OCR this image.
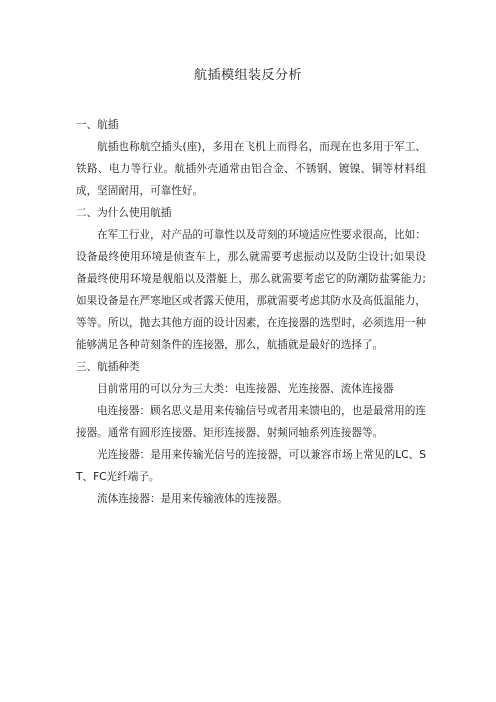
航插模组装反分析

一、航插

航插也称航空插头(座)，多用在飞机上而得名，而现在也多用于军工、铁路、电力等行业。航插外壳通常由铝合金、不锈钢、镀镍、铜等材料组成，坚固耐用，可靠性好。

二、为什么使用航插

在军工行业，对产品的可靠性以及苛刻的环境适应性要求很高，比如：设备最终使用环境是侦查车上，那么就需要考虑振动以及防尘设计;如果设备最终使用环境是舰船以及潜艇上，那么就需要考虑它的防潮防盐雾能力;如果设备是在严寒地区或者露天使用，那就需要考虑其防水及高低温能力，等等。所以，抛去其他方面的设计因素，在连接器的选型时，必须选用一种能够满足各种苛刻条件的连接器，那么，航插就是最好的选择了。

三、航插种类

目前常用的可以分为三大类：电连接器、光连接器、流体连接器

电连接器：顾名思义是用来传输信号或者用来馈电的，也是最常用的连接器。通常有圆形连接器、矩形连接器、射频同轴系列连接器等。

光连接器：是用来传输光信号的连接器，可以兼容市场上常见的LC、ST、FC光纤端子。

流体连接器：是用来传输液体的连接器。
